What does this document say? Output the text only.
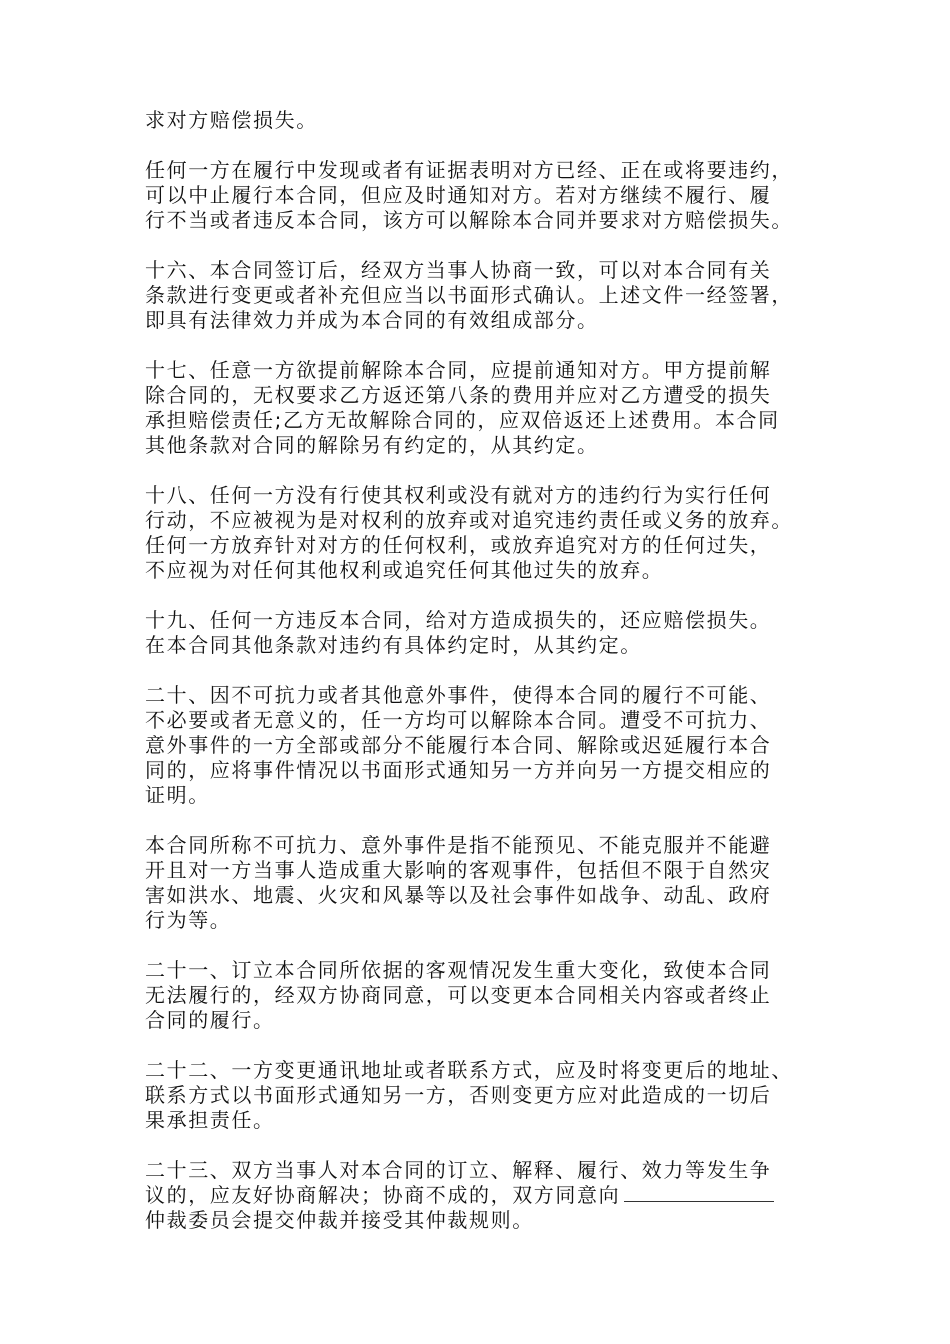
求对方赔偿损失。

任何一方在履行中发现或者有证据表明对方已经、正在或将要违约，
可以中止履行本合同，但应及时通知对方。若对方继续不履行、履
行不当或者违反本合同，该方可以解除本合同并要求对方赔偿损失。

十六、本合同签订后，经双方当事人协商一致，可以对本合同有关
条款进行变更或者补充但应当以书面形式确认。上述文件一经签署，
即具有法律效力并成为本合同的有效组成部分。

十七、任意一方欲提前解除本合同，应提前通知对方。甲方提前解
除合同的，无权要求乙方返还第八条的费用并应对乙方遭受的损失
承担赔偿责任;乙方无故解除合同的，应双倍返还上述费用。本合同
其他条款对合同的解除另有约定的，从其约定。

十八、任何一方没有行使其权利或没有就对方的违约行为实行任何
行动，不应被视为是对权利的放弃或对追究违约责任或义务的放弃。
任何一方放弃针对对方的任何权利，或放弃追究对方的任何过失，
不应视为对任何其他权利或追究任何其他过失的放弃。

十九、任何一方违反本合同，给对方造成损失的，还应赔偿损失。
在本合同其他条款对违约有具体约定时，从其约定。

二十、因不可抗力或者其他意外事件，使得本合同的履行不可能、
不必要或者无意义的，任一方均可以解除本合同。遭受不可抗力、
意外事件的一方全部或部分不能履行本合同、解除或迟延履行本合
同的，应将事件情况以书面形式通知另一方并向另一方提交相应的
证明。

本合同所称不可抗力、意外事件是指不能预见、不能克服并不能避
开且对一方当事人造成重大影响的客观事件，包括但不限于自然灾
害如洪水、地震、火灾和风暴等以及社会事件如战争、动乱、政府
行为等。

二十一、订立本合同所依据的客观情况发生重大变化，致使本合同
无法履行的，经双方协商同意，可以变更本合同相关内容或者终止
合同的履行。

二十二、一方变更通讯地址或者联系方式，应及时将变更后的地址、
联系方式以书面形式通知另一方，否则变更方应对此造成的一切后
果承担责任。

二十三、双方当事人对本合同的订立、解释、履行、效力等发生争
议的，应友好协商解决；协商不成的，双方同意向
仲裁委员会提交仲裁并接受其仲裁规则。
